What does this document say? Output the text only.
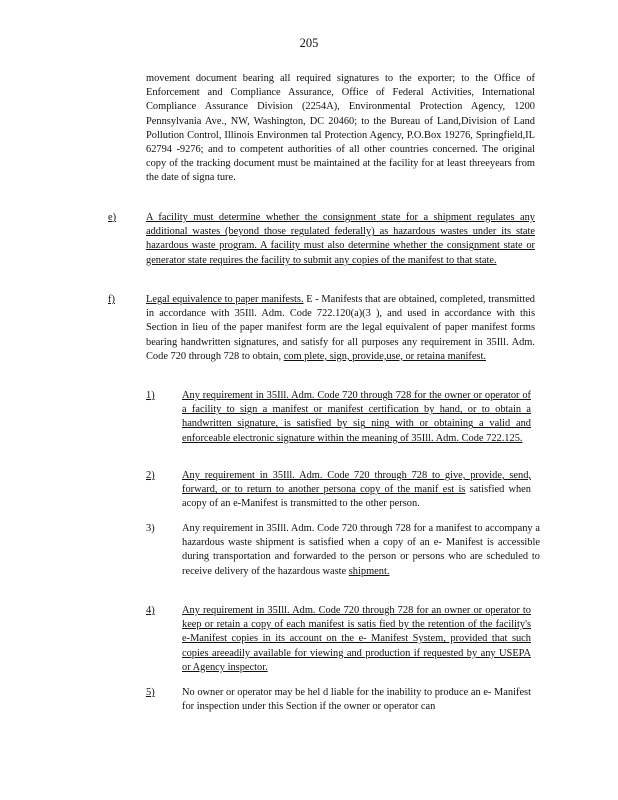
205
movement document bearing all required signatures to the exporter; to the Office of Enforcement and Compliance Assurance, Office of Federal Activities, International Compliance Assurance Division (2254A), Environmental Protection Agency, 1200 Pennsylvania Ave., NW, Washington, DC 20460; to the Bureau of Land,Division of Land Pollution Control, Illinois Environmen tal Protection Agency, P.O.Box 19276, Springfield,IL 62794 -9276; and to competent authorities of all other countries concerned. The original copy of the tracking document must be maintained at the facility for at least threeyears from the date of signa ture.
e)	A facility must determine whether the consignment state for a shipment regulates any additional wastes (beyond those regulated federally) as hazardous wastes under its state hazardous waste program. A facility must also determine whether the consignment state or generator state requires the facility to submit any copies of the manifest to that state.
f)	Legal equivalence to paper manifests. E - Manifests that are obtained, completed, transmitted in accordance with 35Ill. Adm. Code 722.120(a)(3 ), and used in accordance with this Section in lieu of the paper manifest form are the legal equivalent of paper manifest forms bearing handwritten signatures, and satisfy for all purposes any requirement in 35Ill. Adm. Code 720 through 728 to obtain, com plete, sign, provide,use, or retaina manifest.
1)	Any requirement in 35Ill. Adm. Code 720 through 728 for the owner or operator of a facility to sign a manifest or manifest certification by hand, or to obtain a handwritten signature, is satisfied by sig ning with or obtaining a valid and enforceable electronic signature within the meaning of 35Ill. Adm. Code 722.125.
2)	Any requirement in 35Ill. Adm. Code 720 through 728 to give, provide, send, forward, or to return to another persona copy of the manif est is satisfied when acopy of an e-Manifest is transmitted to the other person.
3)	Any requirement in 35Ill. Adm. Code 720 through 728 for a manifest to accompany a hazardous waste shipment is satisfied when a copy of an e- Manifest is accessible during transportation and forwarded to the person or persons who are scheduled to receive delivery of the hazardous waste shipment.
4)	Any requirement in 35Ill. Adm. Code 720 through 728 for an owner or operator to keep or retain a copy of each manifest is satis fied by the retention of the facility's e-Manifest copies in its account on the e- Manifest System, provided that such copies areeadily available for viewing and production if requested by any USEPA or Agency inspector.
5)	No owner or operator may be hel d liable for the inability to produce an e- Manifest for inspection under this Section if the owner or operator can
